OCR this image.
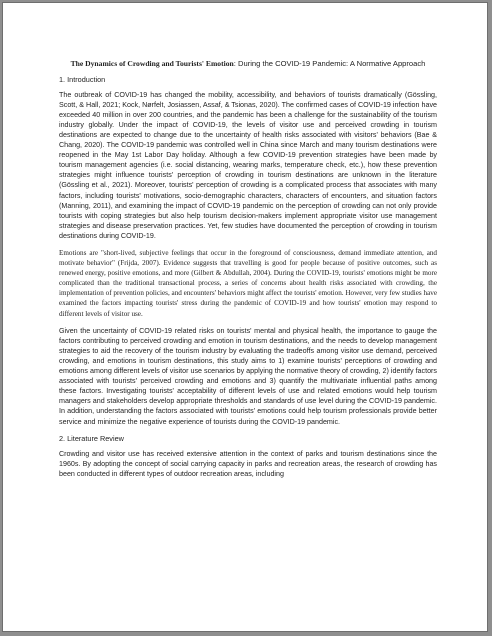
The Dynamics of Crowding and Tourists' Emotion: During the COVID-19 Pandemic: A Normative Approach
1. Introduction

The outbreak of COVID-19 has changed the mobility, accessibility, and behaviors of tourists dramatically (Gössling, Scott, & Hall, 2021; Kock, Nørfelt, Josiassen, Assaf, & Tsionas, 2020). The confirmed cases of COVID-19 infection have exceeded 40 million in over 200 countries, and the pandemic has been a challenge for the sustainability of the tourism industry globally. Under the impact of COVID-19, the levels of visitor use and perceived crowding in tourism destinations are expected to change due to the uncertainty of health risks associated with visitors' behaviors (Bae & Chang, 2020). The COVID-19 pandemic was controlled well in China since March and many tourism destinations were reopened in the May 1st Labor Day holiday. Although a few COVID-19 prevention strategies have been made by tourism management agencies (i.e. social distancing, wearing marks, temperature check, etc.), how these prevention strategies might influence tourists' perception of crowding in tourism destinations are unknown in the literature (Gössling et al., 2021). Moreover, tourists' perception of crowding is a complicated process that associates with many factors, including tourists' motivations, socio-demographic characters, characters of encounters, and situation factors (Manning, 2011), and examining the impact of COVID-19 pandemic on the perception of crowding can not only provide tourists with coping strategies but also help tourism decision-makers implement appropriate visitor use management strategies and disease preservation practices. Yet, few studies have documented the perception of crowding in tourism destinations during COVID-19.

Emotions are "short-lived, subjective feelings that occur in the foreground of consciousness, demand immediate attention, and motivate behavior" (Frijda, 2007). Evidence suggests that travelling is good for people because of positive outcomes, such as renewed energy, positive emotions, and more (Gilbert & Abdullah, 2004). During the COVID-19, tourists' emotions might be more complicated than the traditional transactional process, a series of concerns about health risks associated with crowding, the implementation of prevention policies, and encounters' behaviors might affect the tourists' emotion. However, very few studies have examined the factors impacting tourists' stress during the pandemic of COVID-19 and how tourists' emotion may respond to different levels of visitor use.

Given the uncertainty of COVID-19 related risks on tourists' mental and physical health, the importance to gauge the factors contributing to perceived crowding and emotion in tourism destinations, and the needs to develop management strategies to aid the recovery of the tourism industry by evaluating the tradeoffs among visitor use demand, perceived crowding, and emotions in tourism destinations, this study aims to 1) examine tourists' perceptions of crowding and emotions among different levels of visitor use scenarios by applying the normative theory of crowding, 2) identify factors associated with tourists' perceived crowding and emotions and 3) quantify the multivariate influential paths among these factors. Investigating tourists' acceptability of different levels of use and related emotions would help tourism managers and stakeholders develop appropriate thresholds and standards of use level during the COVID-19 pandemic. In addition, understanding the factors associated with tourists' emotions could help tourism professionals provide better service and minimize the negative experience of tourists during the COVID-19 pandemic.

2. Literature Review

Crowding and visitor use has received extensive attention in the context of parks and tourism destinations since the 1960s. By adopting the concept of social carrying capacity in parks and recreation areas, the research of crowding has been conducted in different types of outdoor recreation areas, including
